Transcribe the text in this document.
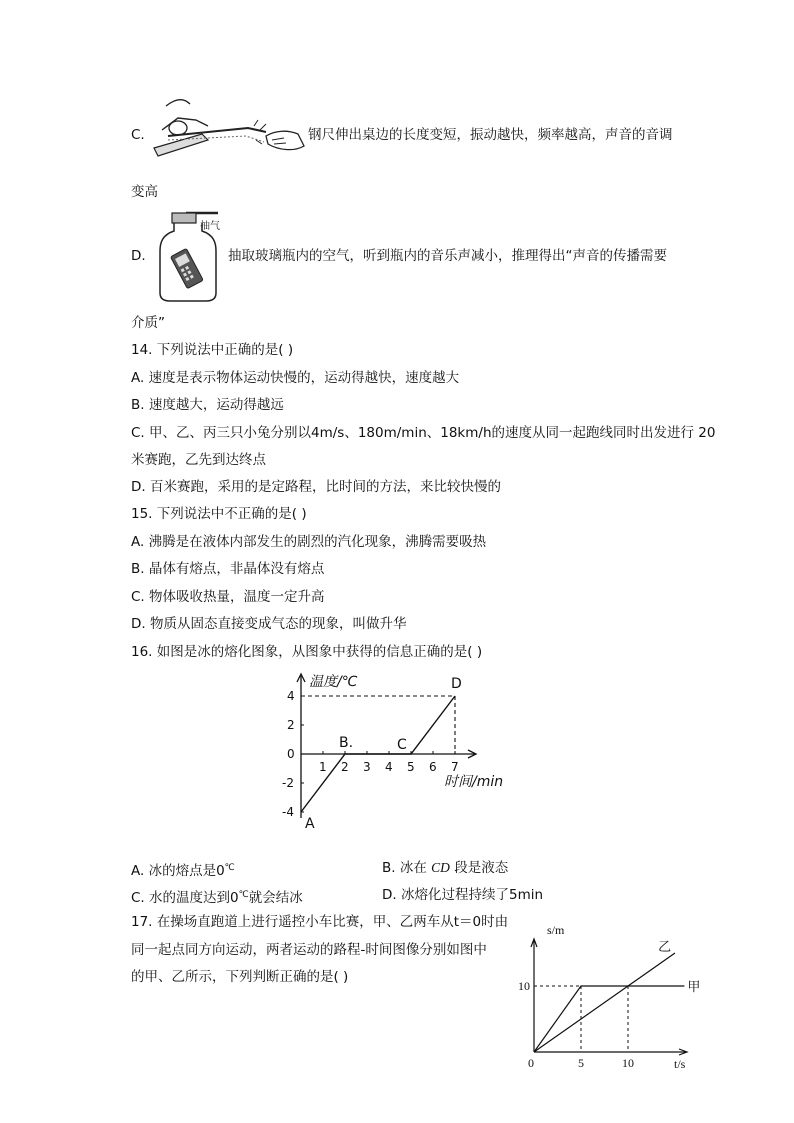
C.	钢尺伸出桌边的长度变短，振动越快，频率越高，声音的音调
变高
D.
抽气
抽取玻璃瓶内的空气，听到瓶内的音乐声减小，推理得出“声音的传播需要
介质”
14. 下列说法中正确的是( )
A. 速度是表示物体运动快慢的，运动得越快，速度越大
B. 速度越大，运动得越远
C. 甲、乙、丙三只小兔分别以4m/s、180m/min、18km/h的速度从同一起跑线同时出发进行 20
米赛跑，乙先到达终点
D. 百米赛跑，采用的是定路程，比时间的方法，来比较快慢的
15. 下列说法中不正确的是( )
A. 沸腾是在液体内部发生的剧烈的汽化现象，沸腾需要吸热
B. 晶体有熔点，非晶体没有熔点
C. 物体吸收热量，温度一定升高
D. 物质从固态直接变成气态的现象，叫做升华
16. 如图是冰的熔化图象，从图象中获得的信息正确的是( )
1 2 3 4 5 6 7
4
2
0
-2
-4
温度/℃
时间/min
A
B.	C
D
A. 冰的熔点是0℃	B. 冰在 CD 段是液态
C. 水的温度达到0℃就会结冰	D. 冰熔化过程持续了5min
17. 在操场直跑道上进行遥控小车比赛，甲、乙两车从t＝0时由
同一起点同方向运动，两者运动的路程-时间图像分别如图中
的甲、乙所示，下列判断正确的是( )
0	5	10
10
s/m
t/s
甲
乙
